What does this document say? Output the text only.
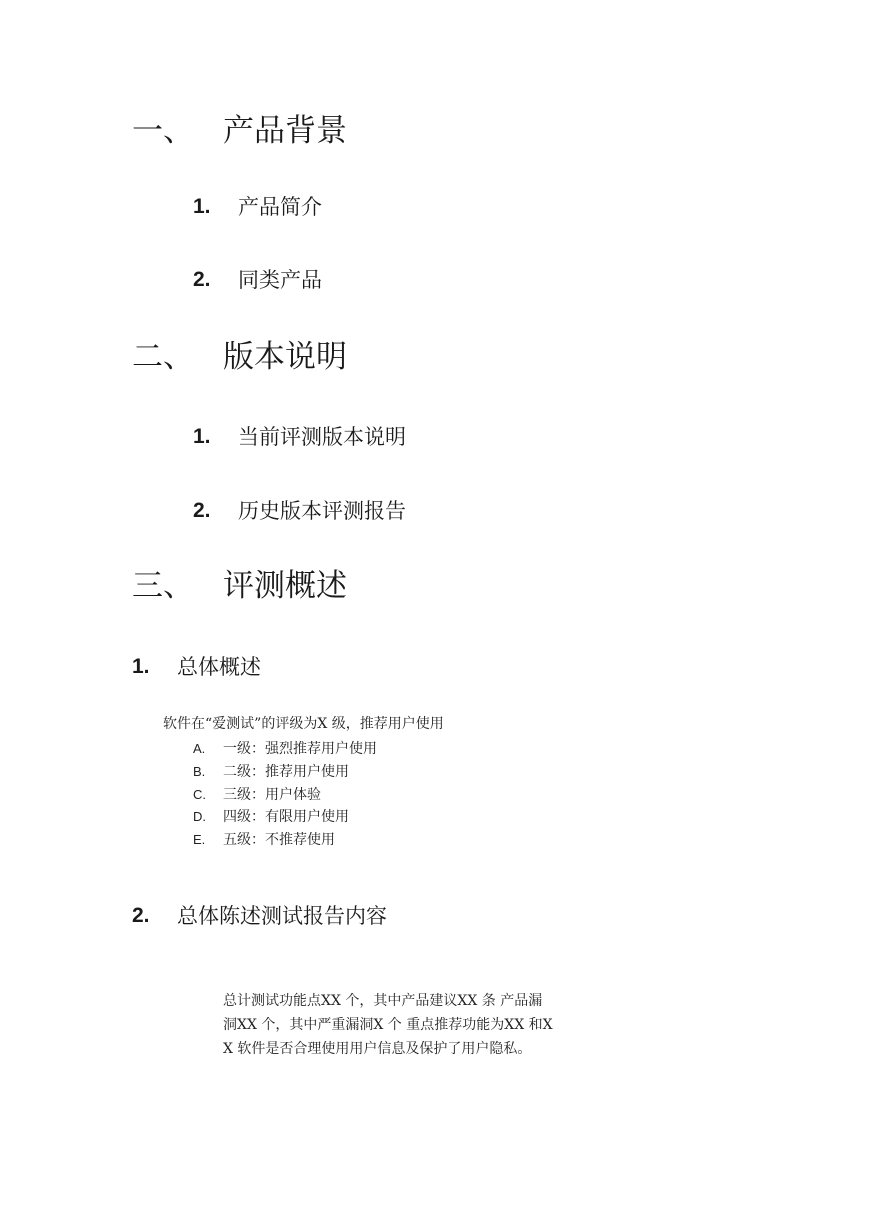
一、 产品背景
1. 产品简介
2. 同类产品
二、 版本说明
1. 当前评测版本说明
2. 历史版本评测报告
三、 评测概述
1. 总体概述
软件在“爱测试”的评级为X 级，推荐用户使用
A. 一级：强烈推荐用户使用
B. 二级：推荐用户使用
C. 三级：用户体验
D. 四级：有限用户使用
E. 五级：不推荐使用
2. 总体陈述测试报告内容
总计测试功能点XX 个，其中产品建议XX 条 产品漏洞XX 个，其中严重漏洞X 个 重点推荐功能为XX 和XX 软件是否合理使用用户信息及保护了用户隐私。
